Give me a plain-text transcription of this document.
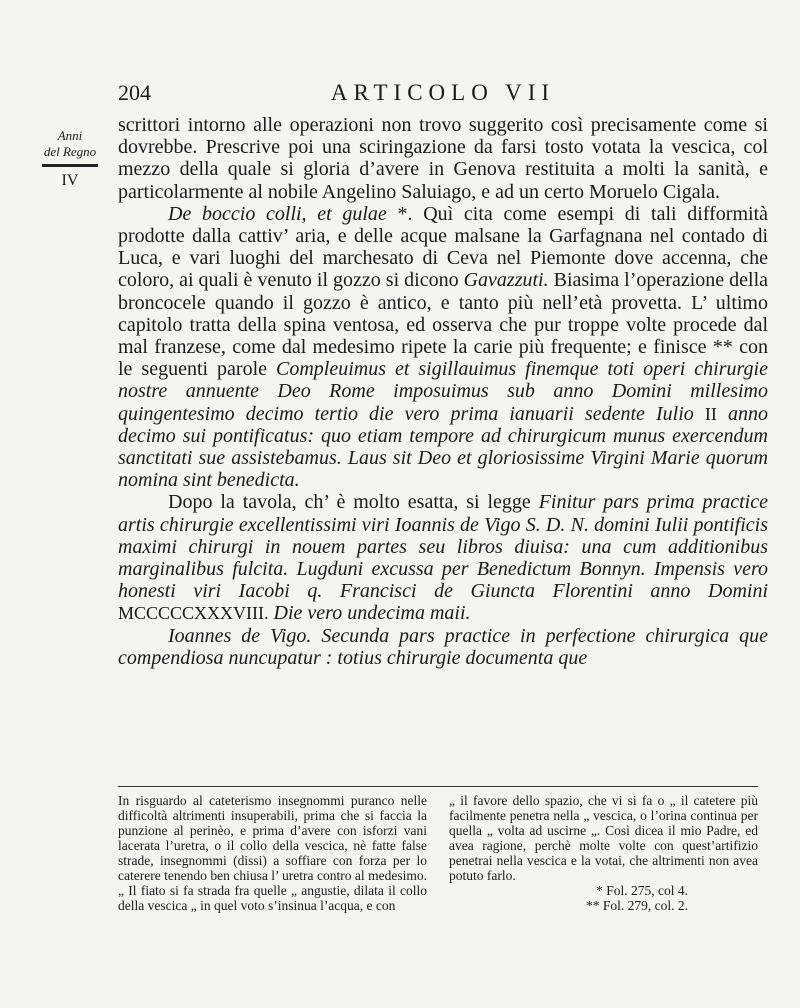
204	ARTICOLO VII
Anni
del Regno
IV

scrittori intorno alle operazioni non trovo suggerito così precisamente come si dovrebbe. Prescrive poi una sciringazione da farsi tosto votata la vescica, col mezzo della quale si gloria d’avere in Genova restituita a molti la sanità, e particolarmente al nobile Angelino Saluiago, e ad un certo Moruelo Cigala.

De boccio colli, et gulae *. Quì cita come esempi di tali difformità prodotte dalla cattiv’ aria, e delle acque malsane la Garfagnana nel contado di Luca, e vari luoghi del marchesato di Ceva nel Piemonte dove accenna, che coloro, ai quali è venuto il gozzo si dicono Gavazzuti. Biasima l’operazione della broncocele quando il gozzo è antico, e tanto più nell’età provetta. L’ ultimo capitolo tratta della spina ventosa, ed osserva che pur troppe volte procede dal mal franzese, come dal medesimo ripete la carie più frequente; e finisce ** con le seguenti parole Compleuimus et sigillauimus finemque toti operi chirurgie nostre annuente Deo Rome imposuimus sub anno Domini millesimo quingentesimo decimo tertio die vero prima ianuarii sedente Iulio II anno decimo sui pontificatus: quo etiam tempore ad chirurgicum munus exercendum sanctitati sue assistebamus. Laus sit Deo et gloriosissime Virgini Marie quorum nomina sint benedicta.

Dopo la tavola, ch’ è molto esatta, si legge Finitur pars prima practice artis chirurgie excellentissimi viri Ioannis de Vigo S. D. N. domini Iulii pontificis maximi chirurgi in nouem partes seu libros diuisa: una cum additionibus marginalibus fulcita. Lugduni excussa per Benedictum Bonnyn. Impensis vero honesti viri Iacobi q. Francisci de Giuncta Florentini anno Domini MCCCCCXXXVIII. Die vero undecima maii.

Ioannes de Vigo. Secunda pars practice in perfectione chirurgica que compendiosa nuncupatur : totius chirurgie documenta que

In risguardo al cateterismo insegnommi puranco nelle difficoltà altrimenti insuperabili, prima che si faccia la punzione al perinèo, e prima d’avere con isforzi vani lacerata l’uretra, o il collo della vescica, nè fatte false strade, insegnommi (dissi) a soffiare con forza per lo caterere tenendo ben chiusa l’ uretra contro al medesimo. „ Il fiato si fa strada fra quelle „ angustie, dilata il collo della vescica „ in quel voto s’insinua l’acqua, e con

„ il favore dello spazio, che vi si fa o „ il catetere più facilmente penetra nella „ vescica, o l’orina continua per quella „ volta ad uscirne „. Così dicea il mio Padre, ed avea ragione, perchè molte volte con quest’artifizio penetrai nella vescica e la votai, che altrimenti non avea potuto farlo.

* Fol. 275, col 4.

** Fol. 279, col. 2.
